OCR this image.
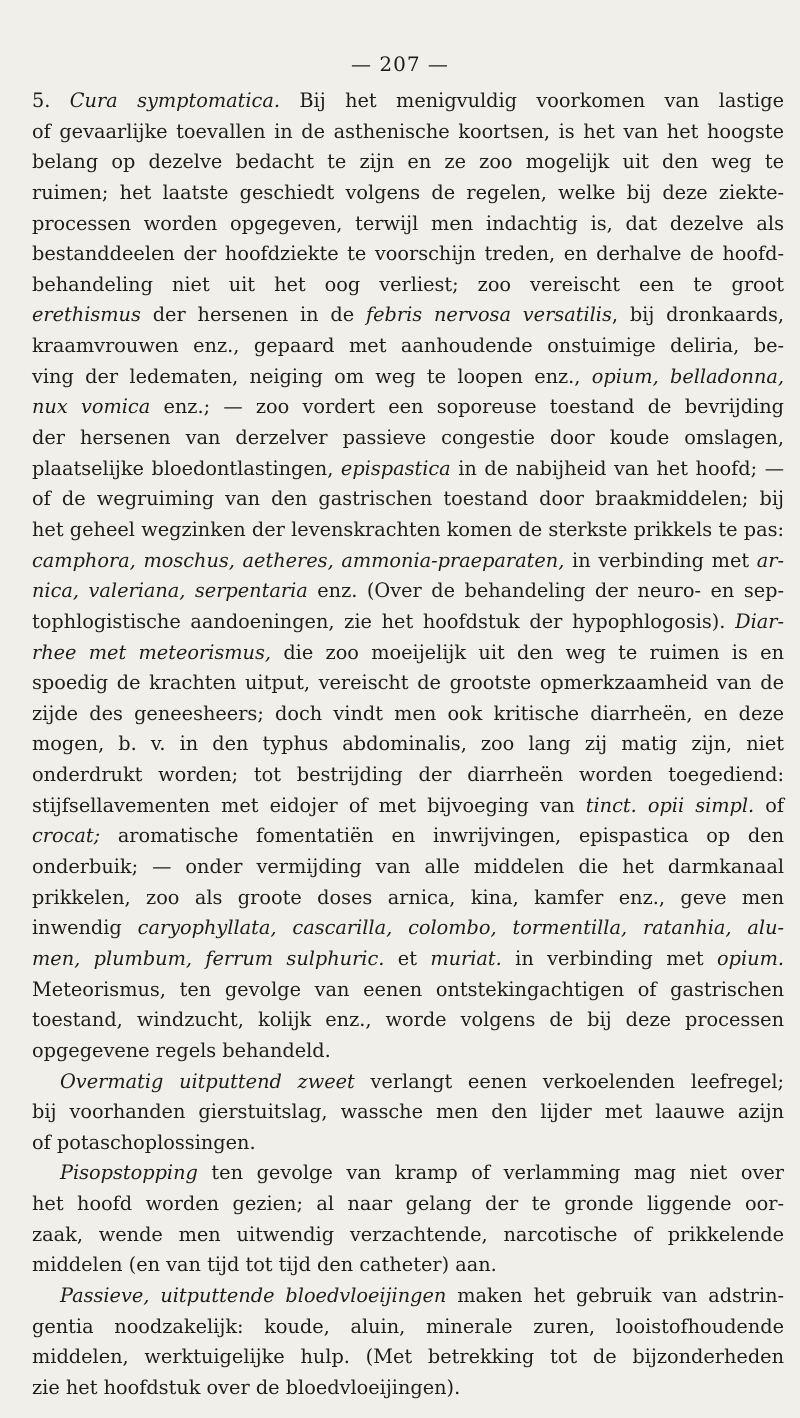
— 207 —
5. Cura symptomatica. Bij het menigvuldig voorkomen van lastige
of gevaarlijke toevallen in de asthenische koortsen, is het van het hoogste
belang op dezelve bedacht te zijn en ze zoo mogelijk uit den weg te
ruimen; het laatste geschiedt volgens de regelen, welke bij deze ziekte-
processen worden opgegeven, terwijl men indachtig is, dat dezelve als
bestanddeelen der hoofdziekte te voorschijn treden, en derhalve de hoofd-
behandeling niet uit het oog verliest; zoo vereischt een te groot
erethismus der hersenen in de febris nervosa versatilis, bij dronkaards,
kraamvrouwen enz., gepaard met aanhoudende onstuimige deliria, be-
ving der ledematen, neiging om weg te loopen enz., opium, belladonna,
nux vomica enz.; — zoo vordert een soporeuse toestand de bevrijding
der hersenen van derzelver passieve congestie door koude omslagen,
plaatselijke bloedontlastingen, epispastica in de nabijheid van het hoofd; —
of de wegruiming van den gastrischen toestand door braakmiddelen; bij
het geheel wegzinken der levenskrachten komen de sterkste prikkels te pas:
camphora, moschus, aetheres, ammonia-praeparaten, in verbinding met ar-
nica, valeriana, serpentaria enz. (Over de behandeling der neuro- en sep-
tophlogistische aandoeningen, zie het hoofdstuk der hypophlogosis). Diar-
rhee met meteorismus, die zoo moeijelijk uit den weg te ruimen is en
spoedig de krachten uitput, vereischt de grootste opmerkzaamheid van de
zijde des geneesheers; doch vindt men ook kritische diarrheën, en deze
mogen, b. v. in den typhus abdominalis, zoo lang zij matig zijn, niet
onderdrukt worden; tot bestrijding der diarrheën worden toegediend:
stijfsellavementen met eidojer of met bijvoeging van tinct. opii simpl. of
crocat; aromatische fomentatiën en inwrijvingen, epispastica op den
onderbuik; — onder vermijding van alle middelen die het darmkanaal
prikkelen, zoo als groote doses arnica, kina, kamfer enz., geve men
inwendig caryophyllata, cascarilla, colombo, tormentilla, ratanhia, alu-
men, plumbum, ferrum sulphuric. et muriat. in verbinding met opium.
Meteorismus, ten gevolge van eenen ontstekingachtigen of gastrischen
toestand, windzucht, kolijk enz., worde volgens de bij deze processen
opgegevene regels behandeld.
Overmatig uitputtend zweet verlangt eenen verkoelenden leefregel;
bij voorhanden gierstuitslag, wassche men den lijder met laauwe azijn
of potaschoplossingen.
Pisopstopping ten gevolge van kramp of verlamming mag niet over
het hoofd worden gezien; al naar gelang der te gronde liggende oor-
zaak, wende men uitwendig verzachtende, narcotische of prikkelende
middelen (en van tijd tot tijd den catheter) aan.
Passieve, uitputtende bloedvloeijingen maken het gebruik van adstrin-
gentia noodzakelijk: koude, aluin, minerale zuren, looistofhoudende
middelen, werktuigelijke hulp. (Met betrekking tot de bijzonderheden
zie het hoofdstuk over de bloedvloeijingen).
